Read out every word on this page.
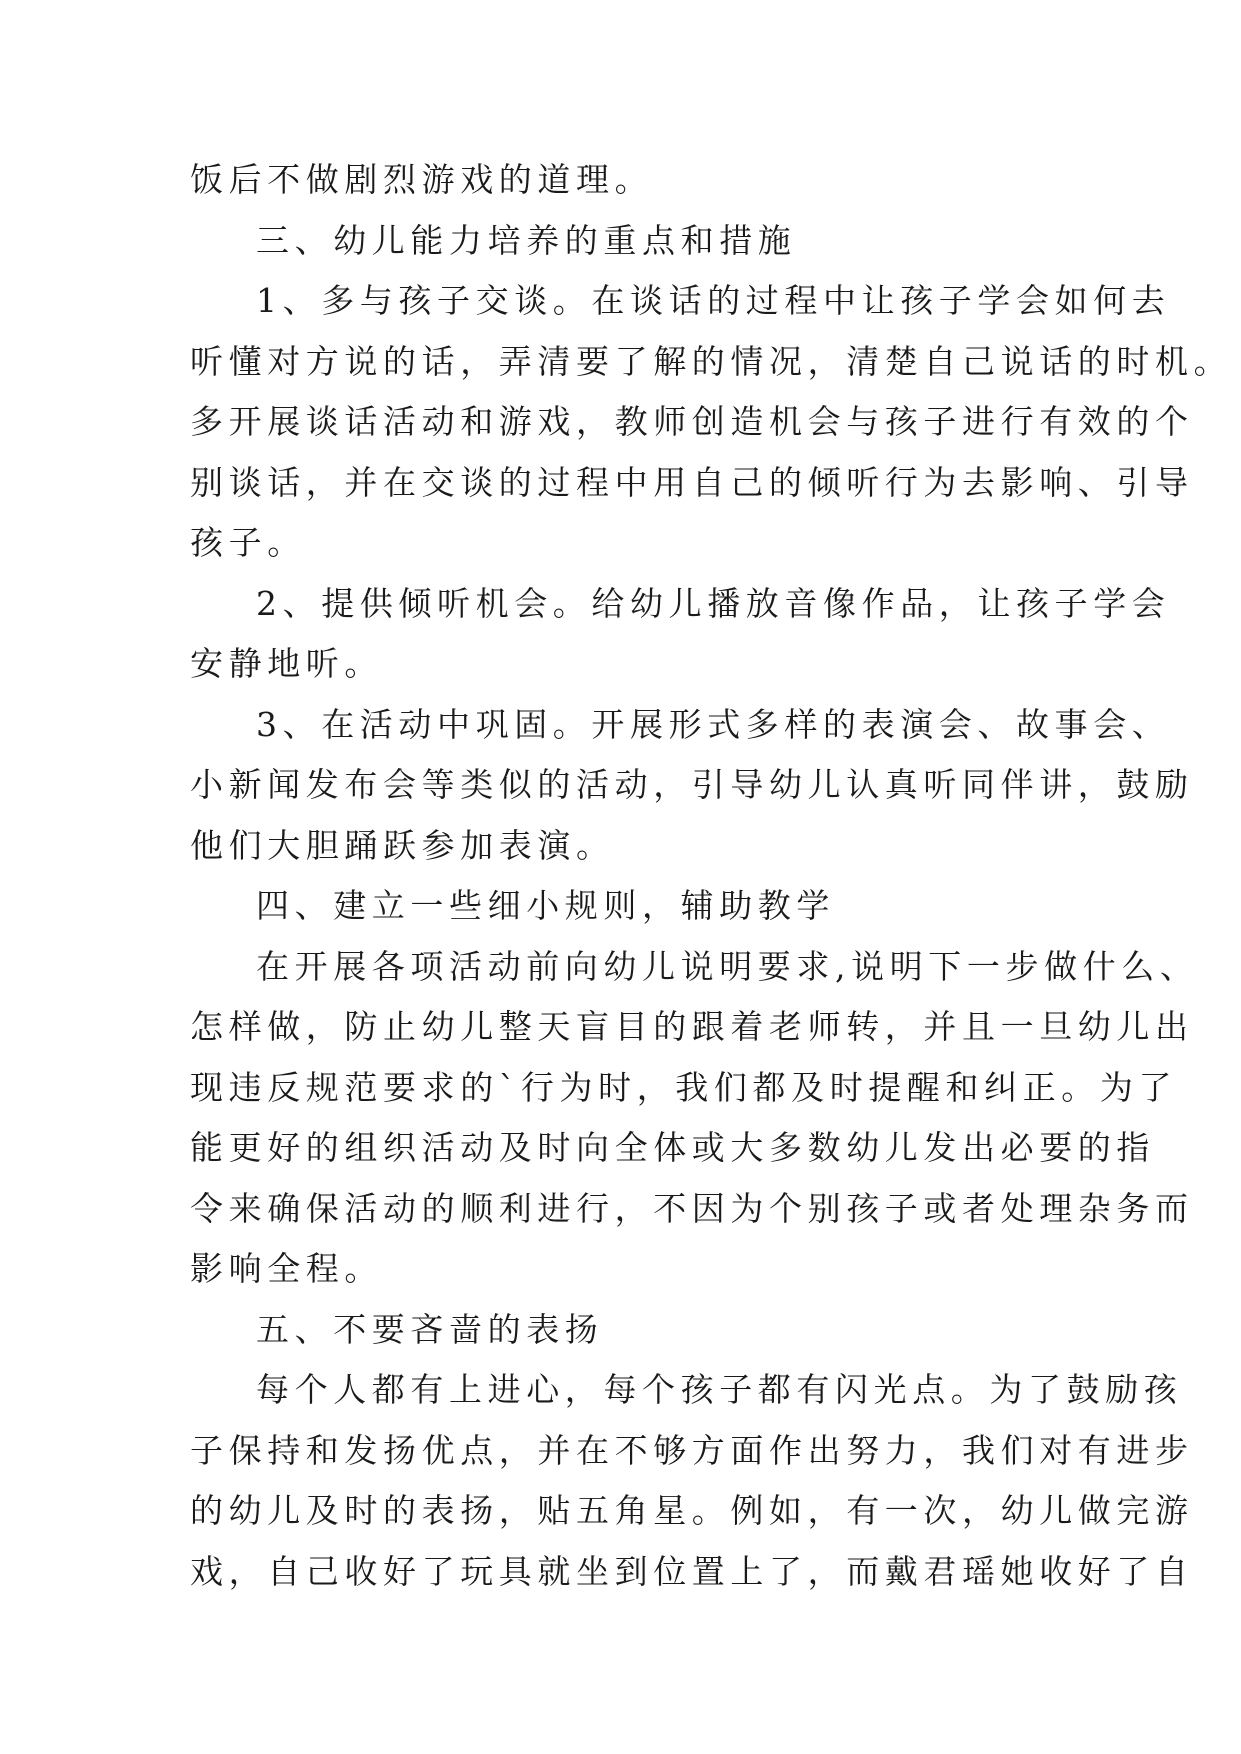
饭后不做剧烈游戏的道理。
三、幼儿能力培养的重点和措施
1、多与孩子交谈。在谈话的过程中让孩子学会如何去
听懂对方说的话，弄清要了解的情况，清楚自己说话的时机。
多开展谈话活动和游戏，教师创造机会与孩子进行有效的个
别谈话，并在交谈的过程中用自己的倾听行为去影响、引导
孩子。
2、提供倾听机会。给幼儿播放音像作品，让孩子学会
安静地听。
3、在活动中巩固。开展形式多样的表演会、故事会、
小新闻发布会等类似的活动，引导幼儿认真听同伴讲，鼓励
他们大胆踊跃参加表演。
四、建立一些细小规则，辅助教学
在开展各项活动前向幼儿说明要求,说明下一步做什么、
怎样做，防止幼儿整天盲目的跟着老师转，并且一旦幼儿出
现违反规范要求的`行为时，我们都及时提醒和纠正。为了
能更好的组织活动及时向全体或大多数幼儿发出必要的指
令来确保活动的顺利进行，不因为个别孩子或者处理杂务而
影响全程。
五、不要吝啬的表扬
每个人都有上进心，每个孩子都有闪光点。为了鼓励孩
子保持和发扬优点，并在不够方面作出努力，我们对有进步
的幼儿及时的表扬，贴五角星。例如，有一次，幼儿做完游
戏，自己收好了玩具就坐到位置上了，而戴君瑶她收好了自
